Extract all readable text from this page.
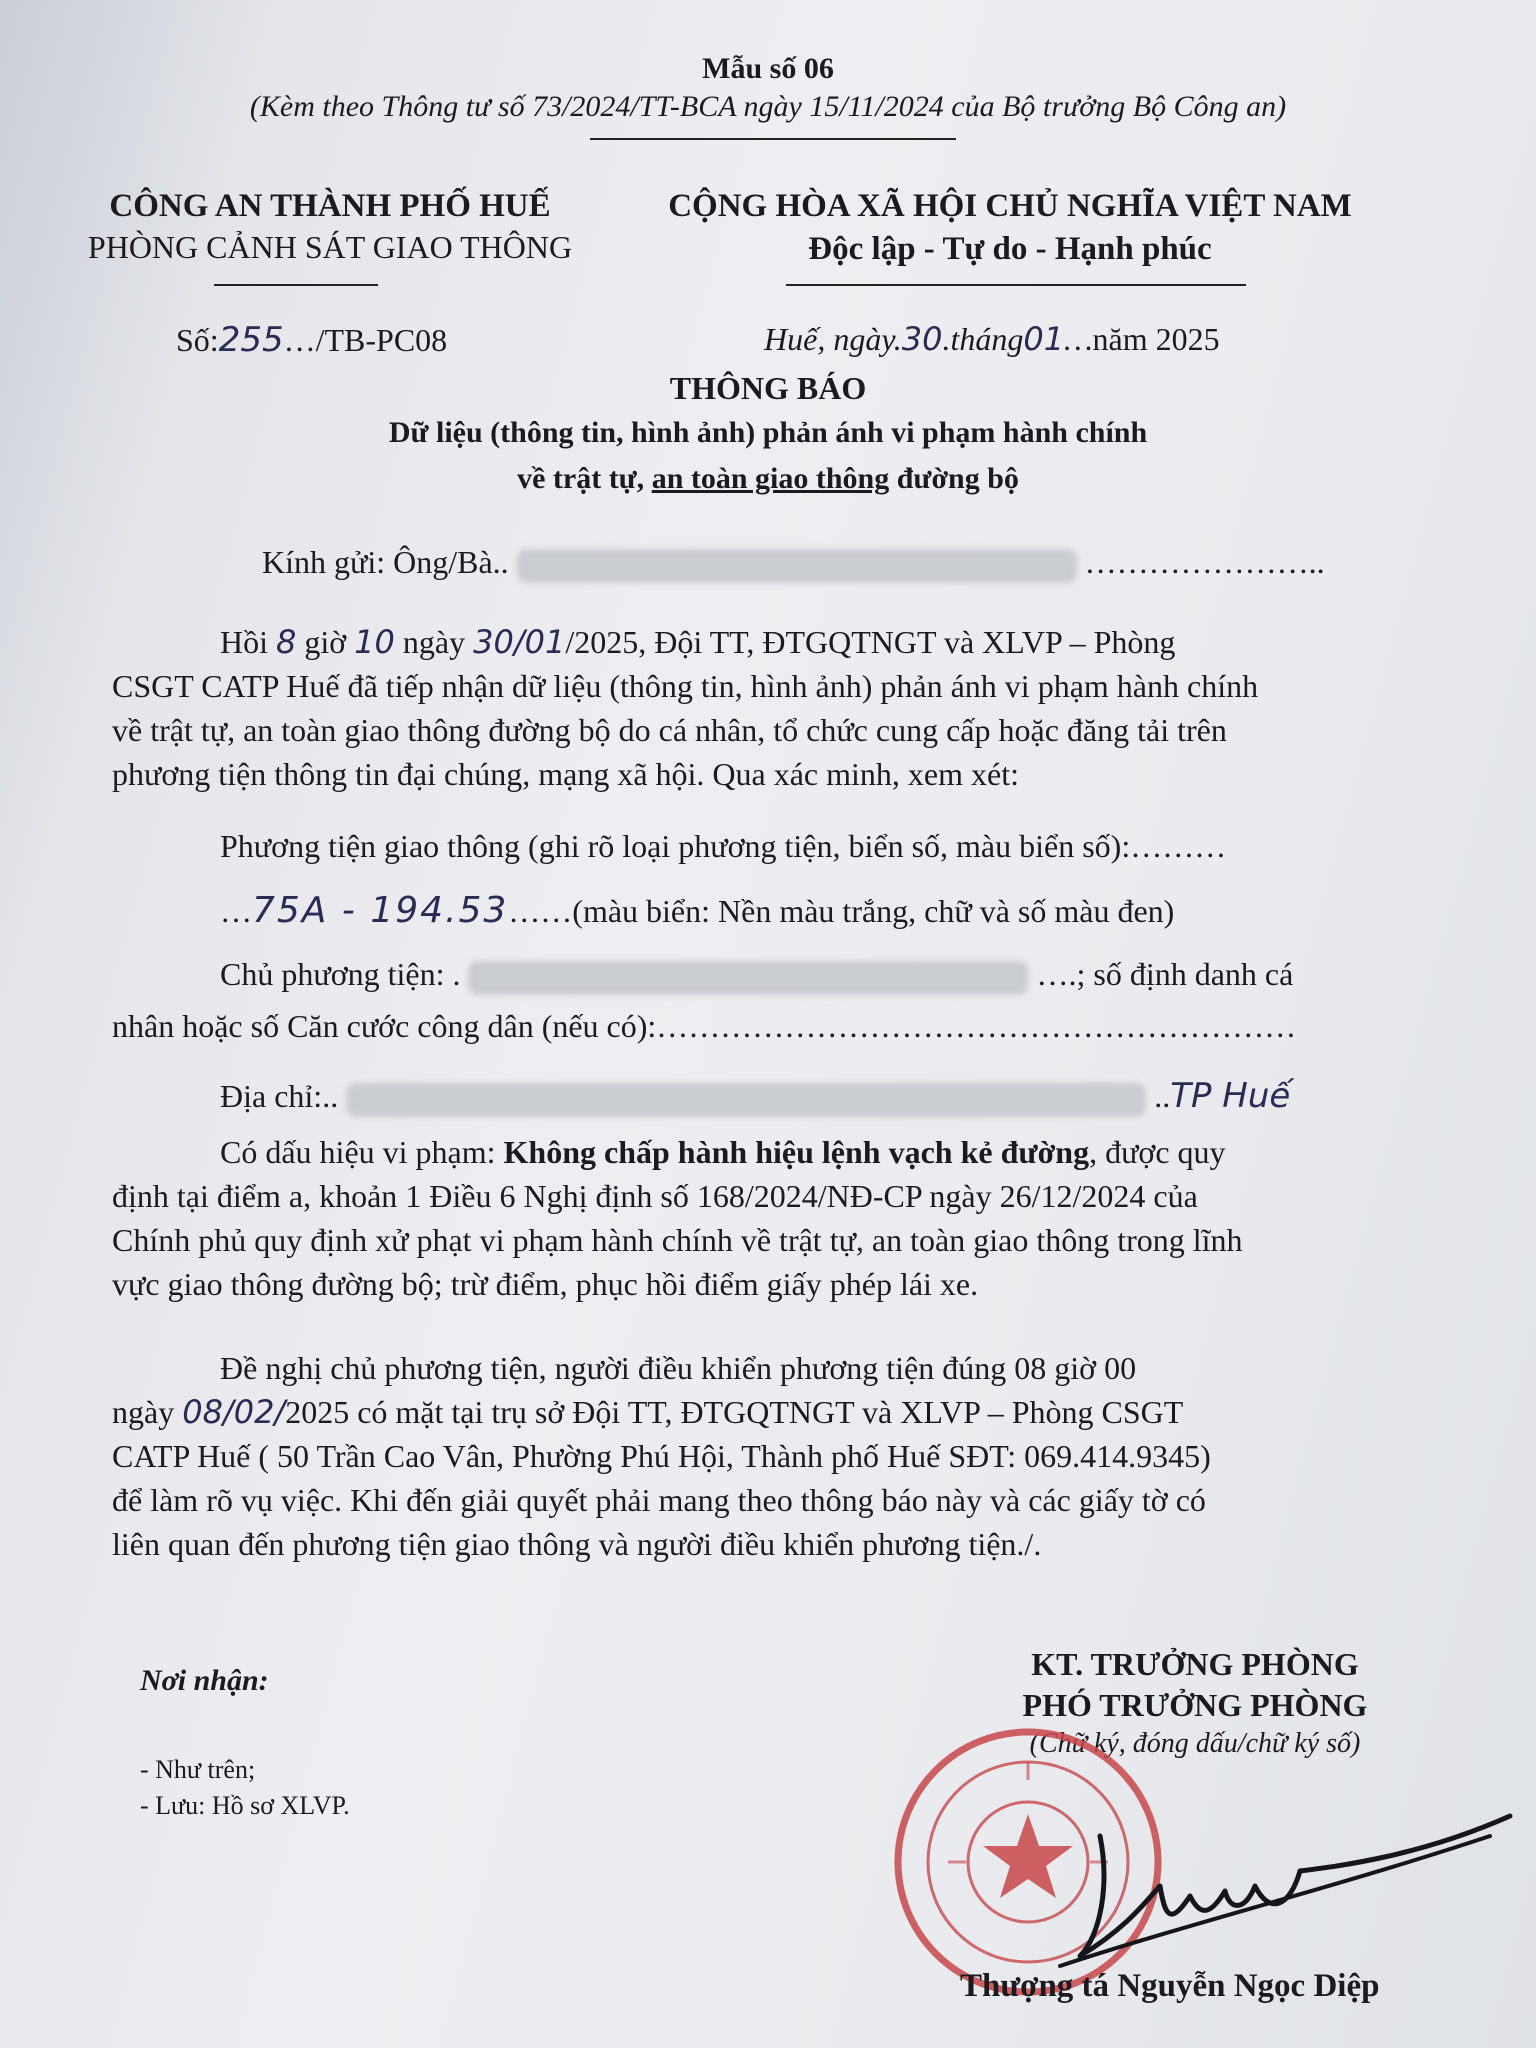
Mẫu số 06
(Kèm theo Thông tư số 73/2024/TT-BCA ngày 15/11/2024 của Bộ trưởng Bộ Công an)
CÔNG AN THÀNH PHỐ HUẾ
PHÒNG CẢNH SÁT GIAO THÔNG
Số:255…/TB-PC08
CỘNG HÒA XÃ HỘI CHỦ NGHĨA VIỆT NAM
Độc lập - Tự do - Hạnh phúc
Huế, ngày.30.tháng01…năm 2025
THÔNG BÁO
Dữ liệu (thông tin, hình ảnh) phản ánh vi phạm hành chính
về trật tự, an toàn giao thông đường bộ
Kính gửi: Ông/Bà..	…………………..
Hồi 8 giờ 10 ngày 30/01/2025, Đội TT, ĐTGQTNGT và XLVP – Phòng
CSGT CATP Huế đã tiếp nhận dữ liệu (thông tin, hình ảnh) phản ánh vi phạm hành chính
về trật tự, an toàn giao thông đường bộ do cá nhân, tổ chức cung cấp hoặc đăng tải trên
phương tiện thông tin đại chúng, mạng xã hội. Qua xác minh, xem xét:
Phương tiện giao thông (ghi rõ loại phương tiện, biển số, màu biển số):………
…75A - 194.53……(màu biển: Nền màu trắng, chữ và số màu đen)
Chủ phương tiện: .	….; số định danh cá
nhân hoặc số Căn cước công dân (nếu có):……………………………………………………
Địa chỉ:..	..TP Huế
Có dấu hiệu vi phạm: Không chấp hành hiệu lệnh vạch kẻ đường, được quy
định tại điểm a, khoản 1 Điều 6 Nghị định số 168/2024/NĐ-CP ngày 26/12/2024 của
Chính phủ quy định xử phạt vi phạm hành chính về trật tự, an toàn giao thông trong lĩnh
vực giao thông đường bộ; trừ điểm, phục hồi điểm giấy phép lái xe.
Đề nghị chủ phương tiện, người điều khiển phương tiện đúng 08 giờ 00
ngày 08/02/2025 có mặt tại trụ sở Đội TT, ĐTGQTNGT và XLVP – Phòng CSGT
CATP Huế ( 50 Trần Cao Vân, Phường Phú Hội, Thành phố Huế SĐT: 069.414.9345)
để làm rõ vụ việc. Khi đến giải quyết phải mang theo thông báo này và các giấy tờ có
liên quan đến phương tiện giao thông và người điều khiển phương tiện./.
Nơi nhận:
- Như trên;
- Lưu: Hồ sơ XLVP.
KT. TRƯỞNG PHÒNG
PHÓ TRƯỞNG PHÒNG
(Chữ ký, đóng dấu/chữ ký số)
Thượng tá Nguyễn Ngọc Diệp
